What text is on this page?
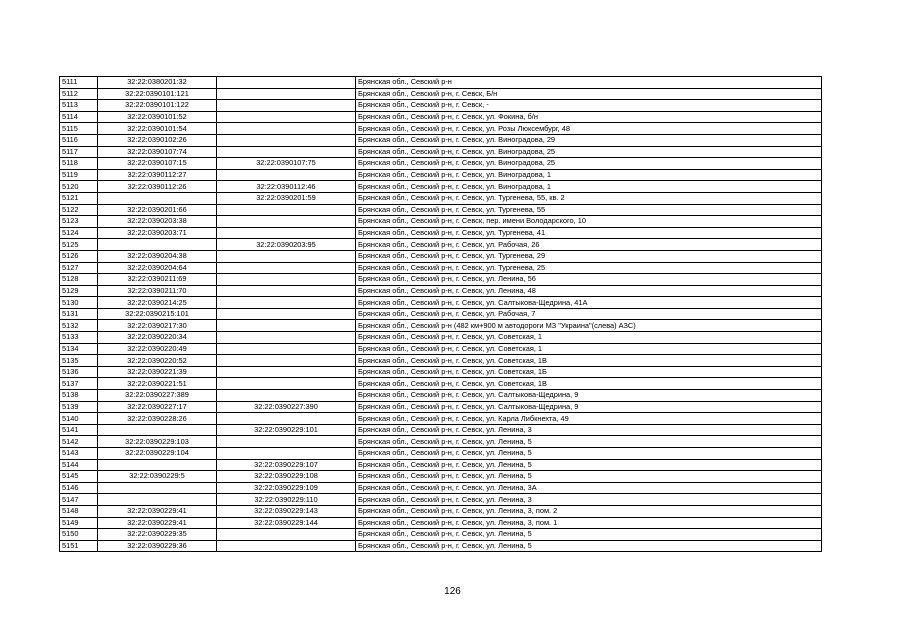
5111	32:22:0380201:32		Брянская обл., Севский р-н
5112	32:22:0390101:121		Брянская обл., Севский р-н, г. Севск, Б/н
5113	32:22:0390101:122		Брянская обл., Севский р-н, г. Севск, -
5114	32:22:0390101:52		Брянская обл., Севский р-н, г. Севск, ул. Фокина, б/н
5115	32:22:0390101:54		Брянская обл., Севский р-н, г. Севск, ул. Розы Люксембург, 48
5116	32:22:0390102:26		Брянская обл., Севский р-н, г. Севск, ул. Виноградова, 29
5117	32:22:0390107:74		Брянская обл., Севский р-н, г. Севск, ул. Виноградова, 25
5118	32:22:0390107:15	32:22:0390107:75	Брянская обл., Севский р-н, г. Севск, ул. Виноградова, 25
5119	32:22:0390112:27		Брянская обл., Севский р-н, г. Севск, ул. Виноградова, 1
5120	32:22:0390112:26	32:22:0390112:46	Брянская обл., Севский р-н, г. Севск, ул. Виноградова, 1
5121		32:22:0390201:59	Брянская обл., Севский р-н, г. Севск, ул. Тургенева, 55, кв. 2
5122	32:22:0390201:66		Брянская обл., Севский р-н, г. Севск, ул. Тургенева, 55
5123	32:22:0390203:38		Брянская обл., Севский р-н, г. Севск, пер. имени Володарского, 10
5124	32:22:0390203:71		Брянская обл., Севский р-н, г. Севск, ул. Тургенева, 41
5125		32:22:0390203:95	Брянская обл., Севский р-н, г. Севск, ул. Рабочая, 26
5126	32:22:0390204:38		Брянская обл., Севский р-н, г. Севск, ул. Тургенева, 29
5127	32:22:0390204:64		Брянская обл., Севский р-н, г. Севск, ул. Тургенева, 25
5128	32:22:0390211:69		Брянская обл., Севский р-н, г. Севск, ул. Ленина, 56
5129	32:22:0390211:70		Брянская обл., Севский р-н, г. Севск, ул. Ленина, 48
5130	32:22:0390214:25		Брянская обл., Севский р-н, г. Севск, ул. Салтыкова-Щедрина, 41А
5131	32:22:0390215:101		Брянская обл., Севский р-н, г. Севск, ул. Рабочая, 7
5132	32:22:0390217:30		Брянская обл., Севский р-н (482 км+900 м автодороги МЗ "Украина"(слева) АЗС)
5133	32:22:0390220:34		Брянская обл., Севский р-н, г. Севск, ул. Советская, 1
5134	32:22:0390220:49		Брянская обл., Севский р-н, г. Севск, ул. Советская, 1
5135	32:22:0390220:52		Брянская обл., Севский р-н, г. Севск, ул. Советская, 1В
5136	32:22:0390221:39		Брянская обл., Севский р-н, г. Севск, ул. Советская, 1Б
5137	32:22:0390221:51		Брянская обл., Севский р-н, г. Севск, ул. Советская, 1В
5138	32:22:0390227:389		Брянская обл., Севский р-н, г. Севск, ул. Салтыкова-Щедрина, 9
5139	32:22:0390227:17	32:22:0390227:390	Брянская обл., Севский р-н, г. Севск, ул. Салтыкова-Щедрина, 9
5140	32:22:0390228:26		Брянская обл., Севский р-н, г. Севск, ул. Карла Либкнехта, 49
5141		32:22:0390229:101	Брянская обл., Севский р-н, г. Севск, ул. Ленина, 3
5142	32:22:0390229:103		Брянская обл., Севский р-н, г. Севск, ул. Ленина, 5
5143	32:22:0390229:104		Брянская обл., Севский р-н, г. Севск, ул. Ленина, 5
5144		32:22:0390229:107	Брянская обл., Севский р-н, г. Севск, ул. Ленина, 5
5145	32:22:0390229:5	32:22:0390229:108	Брянская обл., Севский р-н, г. Севск, ул. Ленина, 5
5146		32:22:0390229:109	Брянская обл., Севский р-н, г. Севск, ул. Ленина, 3А
5147		32:22:0390229:110	Брянская обл., Севский р-н, г. Севск, ул. Ленина, 3
5148	32:22:0390229:41	32:22:0390229:143	Брянская обл., Севский р-н, г. Севск, ул. Ленина, 3, пом. 2
5149	32:22:0390229:41	32:22:0390229:144	Брянская обл., Севский р-н, г. Севск, ул. Ленина, 3, пом. 1
5150	32:22:0390229:35		Брянская обл., Севский р-н, г. Севск, ул. Ленина, 5
5151	32:22:0390229:36		Брянская обл., Севский р-н, г. Севск, ул. Ленина, 5
126
